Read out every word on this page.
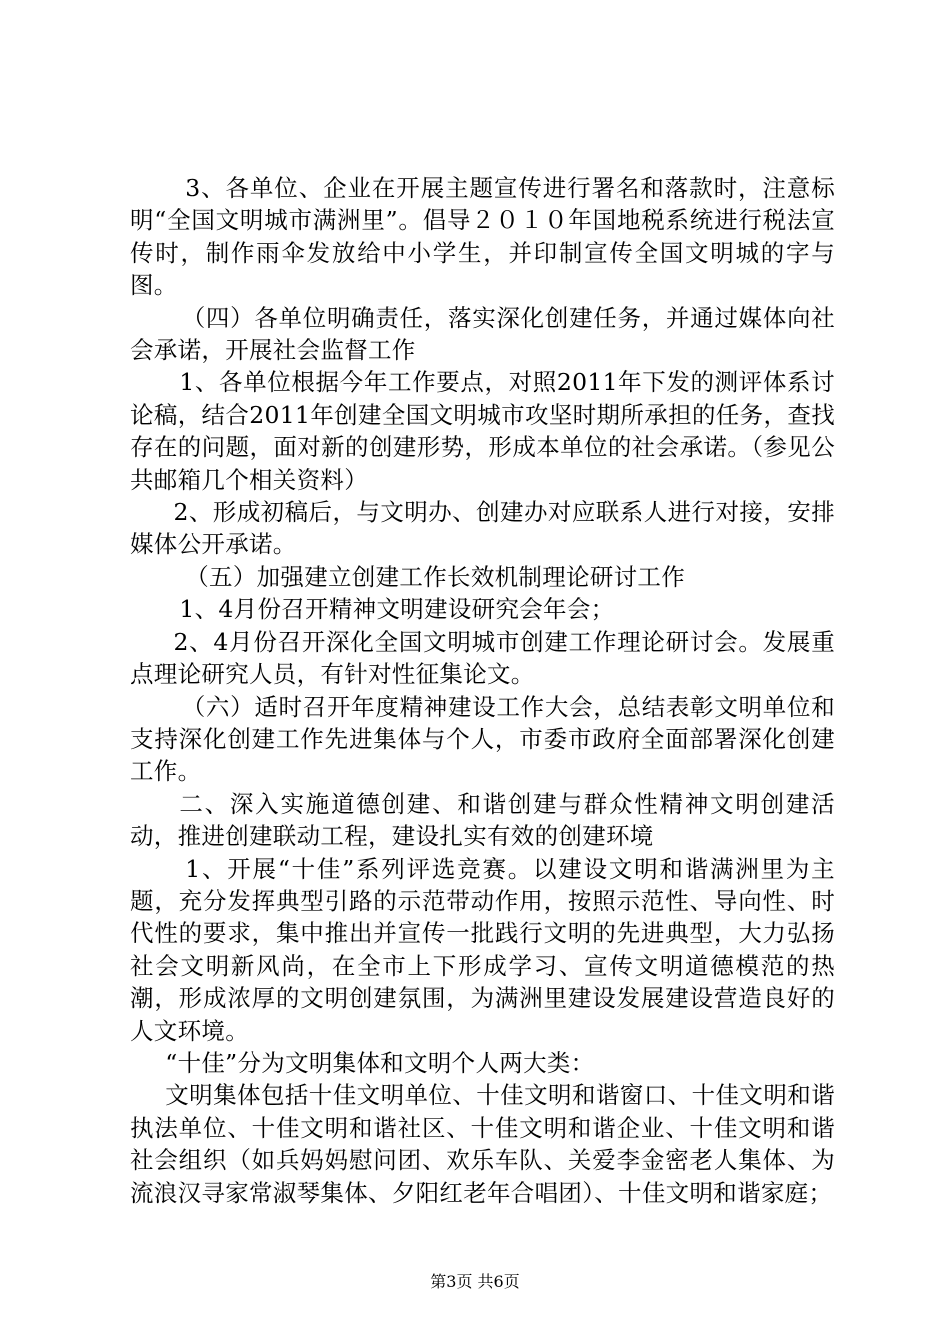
3、各单位、企业在开展主题宣传进行署名和落款时，注意标明“全国文明城市满洲里”。倡导２０１０年国地税系统进行税法宣传时，制作雨伞发放给中小学生，并印制宣传全国文明城的字与图。

（四）各单位明确责任，落实深化创建任务，并通过媒体向社会承诺，开展社会监督工作

1、各单位根据今年工作要点，对照2011年下发的测评体系讨论稿，结合2011年创建全国文明城市攻坚时期所承担的任务，查找存在的问题，面对新的创建形势，形成本单位的社会承诺。（参见公共邮箱几个相关资料）

2、形成初稿后，与文明办、创建办对应联系人进行对接，安排媒体公开承诺。

（五）加强建立创建工作长效机制理论研讨工作

1、4月份召开精神文明建设研究会年会；

2、4月份召开深化全国文明城市创建工作理论研讨会。发展重点理论研究人员，有针对性征集论文。

（六）适时召开年度精神建设工作大会，总结表彰文明单位和支持深化创建工作先进集体与个人，市委市政府全面部署深化创建工作。

二、深入实施道德创建、和谐创建与群众性精神文明创建活动，推进创建联动工程，建设扎实有效的创建环境

1、开展“十佳”系列评选竞赛。以建设文明和谐满洲里为主题，充分发挥典型引路的示范带动作用，按照示范性、导向性、时代性的要求，集中推出并宣传一批践行文明的先进典型，大力弘扬社会文明新风尚，在全市上下形成学习、宣传文明道德模范的热潮，形成浓厚的文明创建氛围，为满洲里建设发展建设营造良好的人文环境。

“十佳”分为文明集体和文明个人两大类：

文明集体包括十佳文明单位、十佳文明和谐窗口、十佳文明和谐执法单位、十佳文明和谐社区、十佳文明和谐企业、十佳文明和谐社会组织（如兵妈妈慰问团、欢乐车队、关爱李金密老人集体、为流浪汉寻家常淑琴集体、夕阳红老年合唱团）、十佳文明和谐家庭；

第3页 共6页
